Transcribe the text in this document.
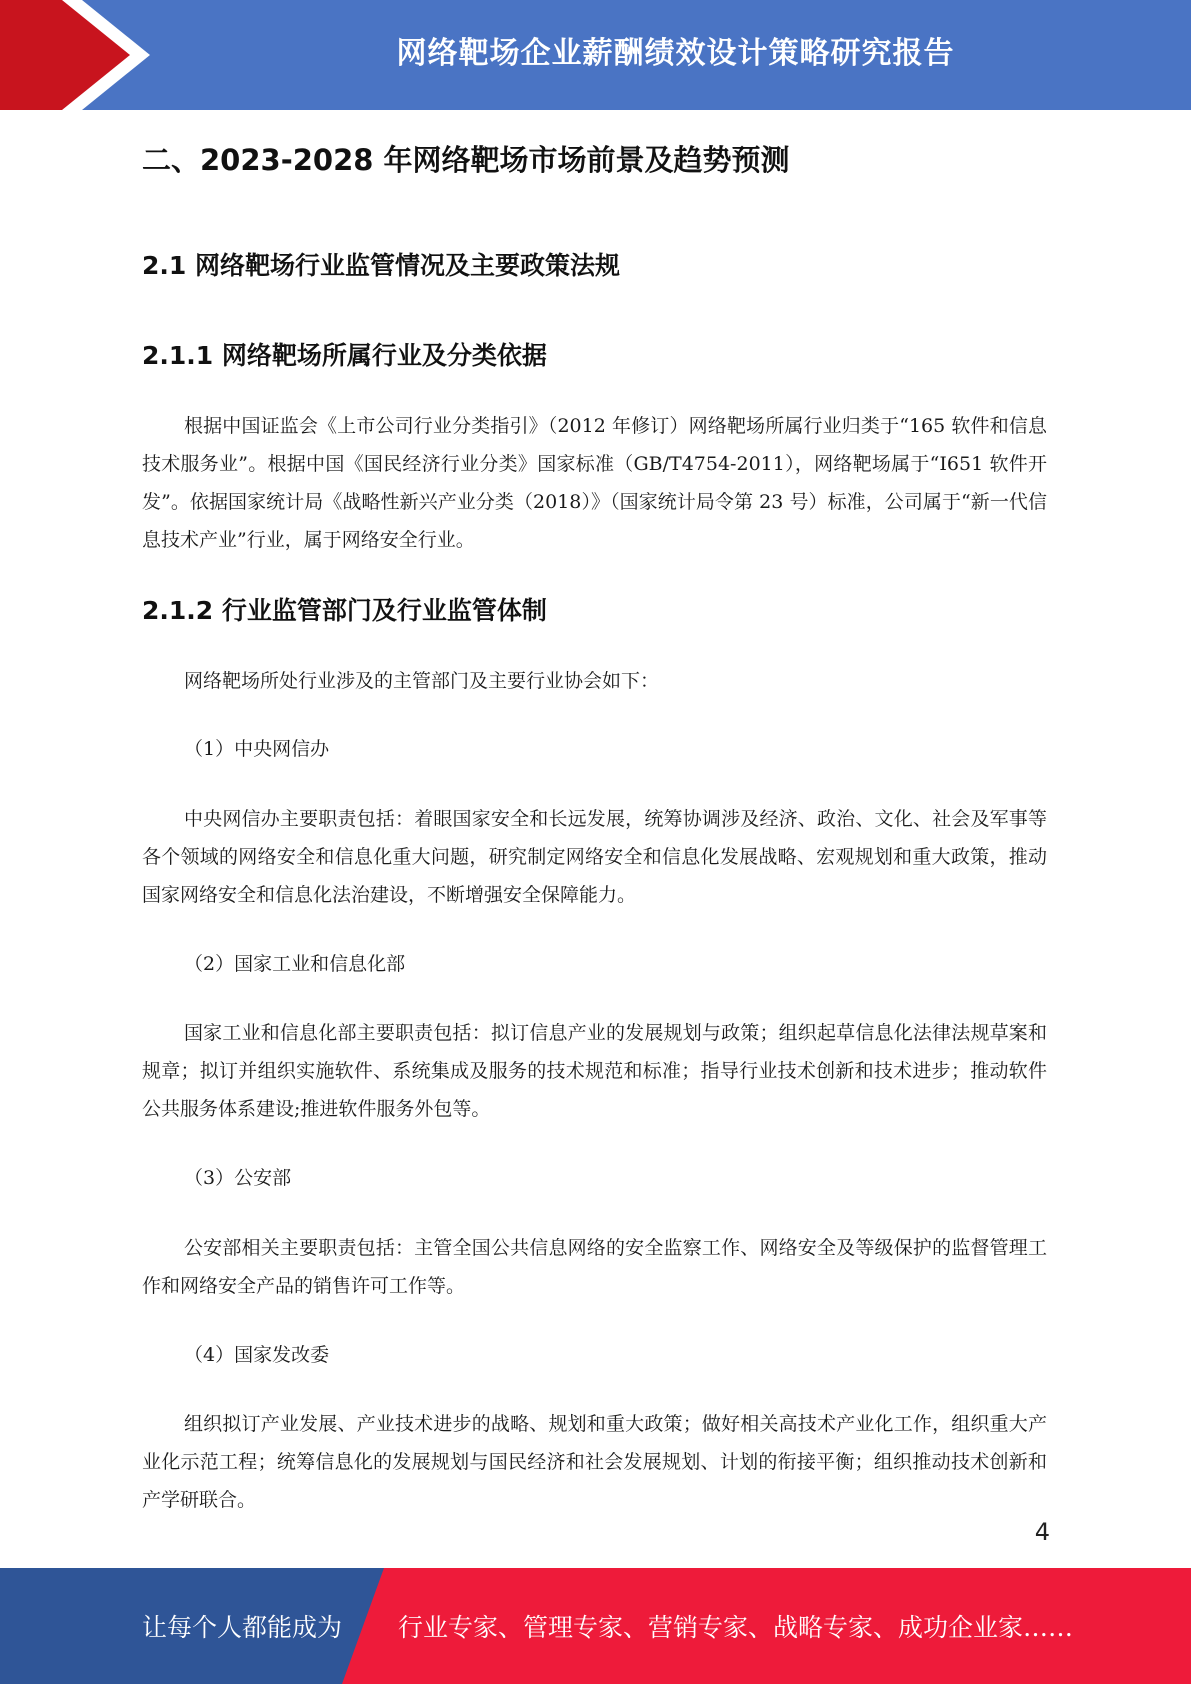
网络靶场企业薪酬绩效设计策略研究报告
二、2023-2028 年网络靶场市场前景及趋势预测
2.1 网络靶场行业监管情况及主要政策法规
2.1.1 网络靶场所属行业及分类依据
根据中国证监会《上市公司行业分类指引》（2012 年修订）网络靶场所属行业归类于“165 软件和信息技术服务业”。根据中国《国民经济行业分类》国家标准（GB/T4754-2011），网络靶场属于“I651 软件开发”。依据国家统计局《战略性新兴产业分类（2018）》（国家统计局令第 23 号）标准，公司属于“新一代信息技术产业”行业，属于网络安全行业。
2.1.2 行业监管部门及行业监管体制
网络靶场所处行业涉及的主管部门及主要行业协会如下：
（1）中央网信办
中央网信办主要职责包括：着眼国家安全和长远发展，统筹协调涉及经济、政治、文化、社会及军事等各个领域的网络安全和信息化重大问题，研究制定网络安全和信息化发展战略、宏观规划和重大政策，推动国家网络安全和信息化法治建设，不断增强安全保障能力。
（2）国家工业和信息化部
国家工业和信息化部主要职责包括：拟订信息产业的发展规划与政策；组织起草信息化法律法规草案和规章；拟订并组织实施软件、系统集成及服务的技术规范和标准；指导行业技术创新和技术进步；推动软件公共服务体系建设;推进软件服务外包等。
（3）公安部
公安部相关主要职责包括：主管全国公共信息网络的安全监察工作、网络安全及等级保护的监督管理工作和网络安全产品的销售许可工作等。
（4）国家发改委
组织拟订产业发展、产业技术进步的战略、规划和重大政策；做好相关高技术产业化工作，组织重大产业化示范工程；统筹信息化的发展规划与国民经济和社会发展规划、计划的衔接平衡；组织推动技术创新和产学研联合。
4
让每个人都能成为 行业专家、管理专家、营销专家、战略专家、成功企业家……
